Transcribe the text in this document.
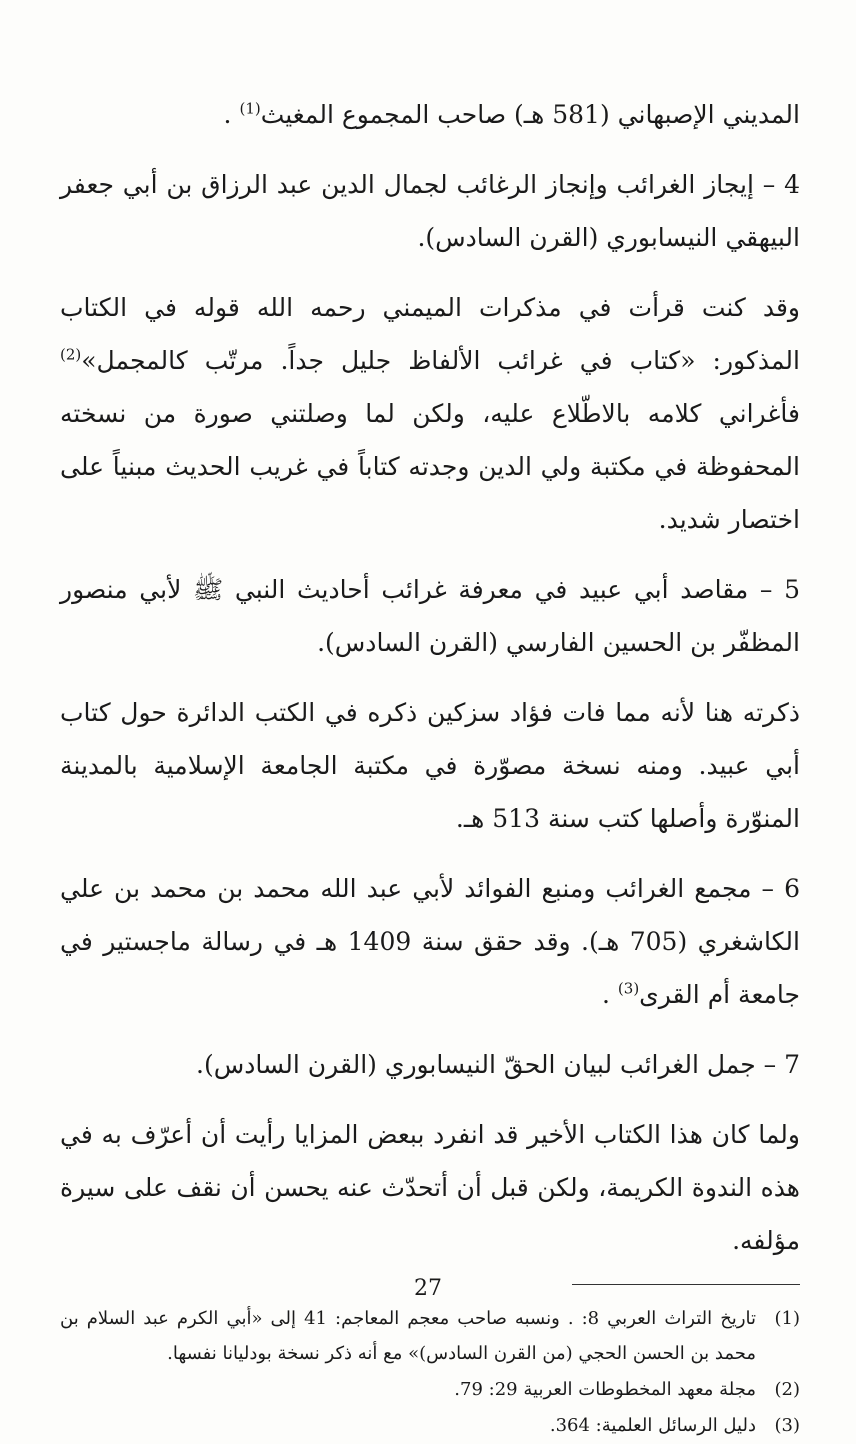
المديني الإصبهاني (581 هـ) صاحب المجموع المغيث$^{(1)}$ .

4 – إيجاز الغرائب وإنجاز الرغائب لجمال الدين عبد الرزاق بن أبي جعفر البيهقي النيسابوري (القرن السادس).

وقد كنت قرأت في مذكرات الميمني رحمه الله قوله في الكتاب المذكور: «كتاب في غرائب الألفاظ جليل جداً. مرتّب كالمجمل»$^{(2)}$ فأغراني كلامه بالاطّلاع عليه، ولكن لما وصلتني صورة من نسخته المحفوظة في مكتبة ولي الدين وجدته كتاباً في غريب الحديث مبنياً على اختصار شديد.

5 – مقاصد أبي عبيد في معرفة غرائب أحاديث النبي ﷺ لأبي منصور المظفّر بن الحسين الفارسي (القرن السادس).

ذكرته هنا لأنه مما فات فؤاد سزكين ذكره في الكتب الدائرة حول كتاب أبي عبيد. ومنه نسخة مصوّرة في مكتبة الجامعة الإسلامية بالمدينة المنوّرة وأصلها كتب سنة 513 هـ.

6 – مجمع الغرائب ومنبع الفوائد لأبي عبد الله محمد بن محمد بن علي الكاشغري (705 هـ). وقد حقق سنة 1409 هـ في رسالة ماجستير في جامعة أم القرى$^{(3)}$ .

7 – جمل الغرائب لبيان الحقّ النيسابوري (القرن السادس).

ولما كان هذا الكتاب الأخير قد انفرد ببعض المزايا رأيت أن أعرّف به في هذه الندوة الكريمة، ولكن قبل أن أتحدّث عنه يحسن أن نقف على سيرة مؤلفه.

(1)
تاريخ التراث العربي 8: . ونسبه صاحب معجم المعاجم: 41 إلى «أبي الكرم عبد السلام بن محمد بن الحسن الحجي (من القرن السادس)» مع أنه ذكر نسخة بودليانا نفسها.
(2)
مجلة معهد المخطوطات العربية 29: 79.
(3)
دليل الرسائل العلمية: 364.
27
